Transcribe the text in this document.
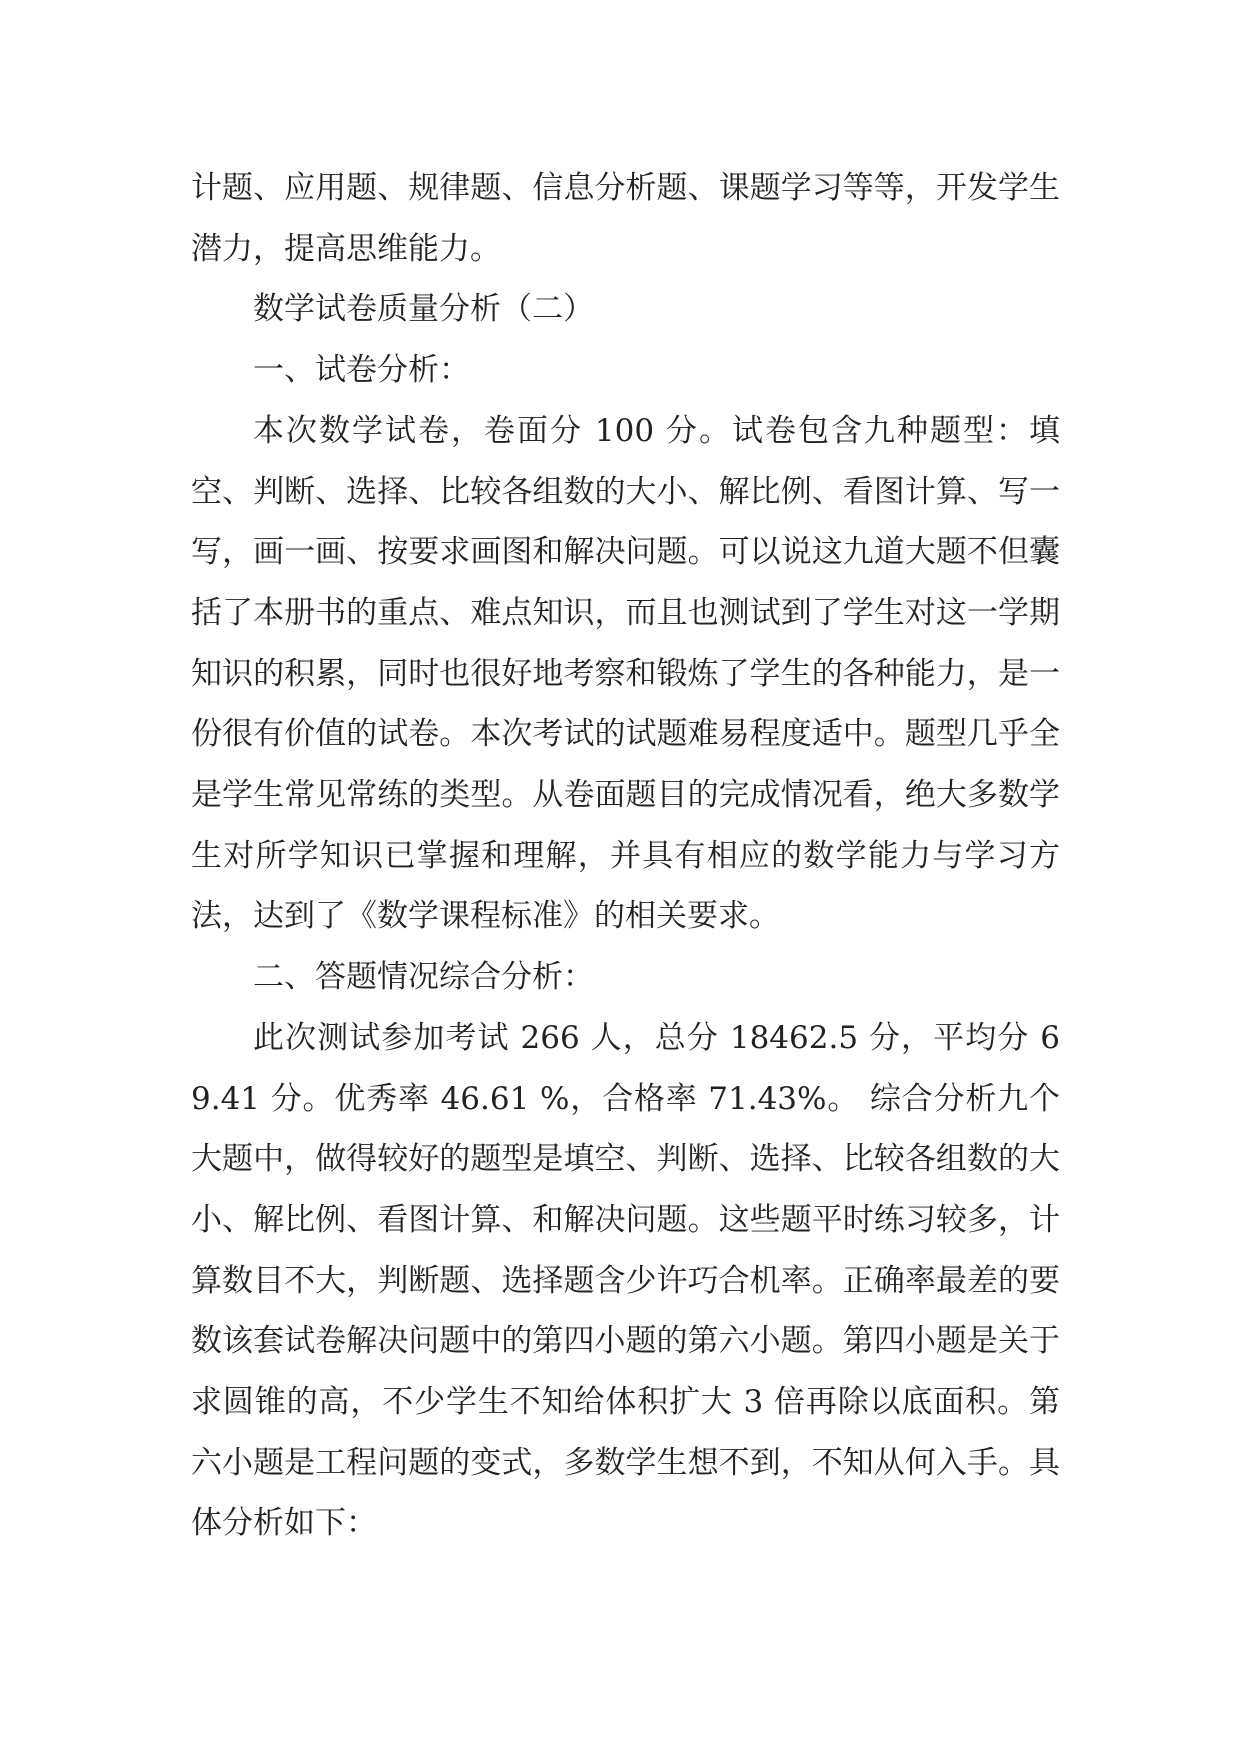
计题、应用题、规律题、信息分析题、课题学习等等，开发学生潜力，提高思维能力。

数学试卷质量分析（二）

一、试卷分析：

本次数学试卷，卷面分 100 分。试卷包含九种题型：填空、判断、选择、比较各组数的大小、解比例、看图计算、写一写，画一画、按要求画图和解决问题。可以说这九道大题不但囊括了本册书的重点、难点知识，而且也测试到了学生对这一学期知识的积累，同时也很好地考察和锻炼了学生的各种能力，是一份很有价值的试卷。本次考试的试题难易程度适中。题型几乎全是学生常见常练的类型。从卷面题目的完成情况看，绝大多数学生对所学知识已掌握和理解，并具有相应的数学能力与学习方法，达到了《数学课程标准》的相关要求。

二、答题情况综合分析：

此次测试参加考试 266 人，总分 18462.5 分，平均分 69.41 分。优秀率 46.61 %，合格率 71.43%。 综合分析九个大题中，做得较好的题型是填空、判断、选择、比较各组数的大小、解比例、看图计算、和解决问题。这些题平时练习较多，计算数目不大，判断题、选择题含少许巧合机率。正确率最差的要数该套试卷解决问题中的第四小题的第六小题。第四小题是关于求圆锥的高，不少学生不知给体积扩大 3 倍再除以底面积。第六小题是工程问题的变式，多数学生想不到，不知从何入手。具体分析如下：
